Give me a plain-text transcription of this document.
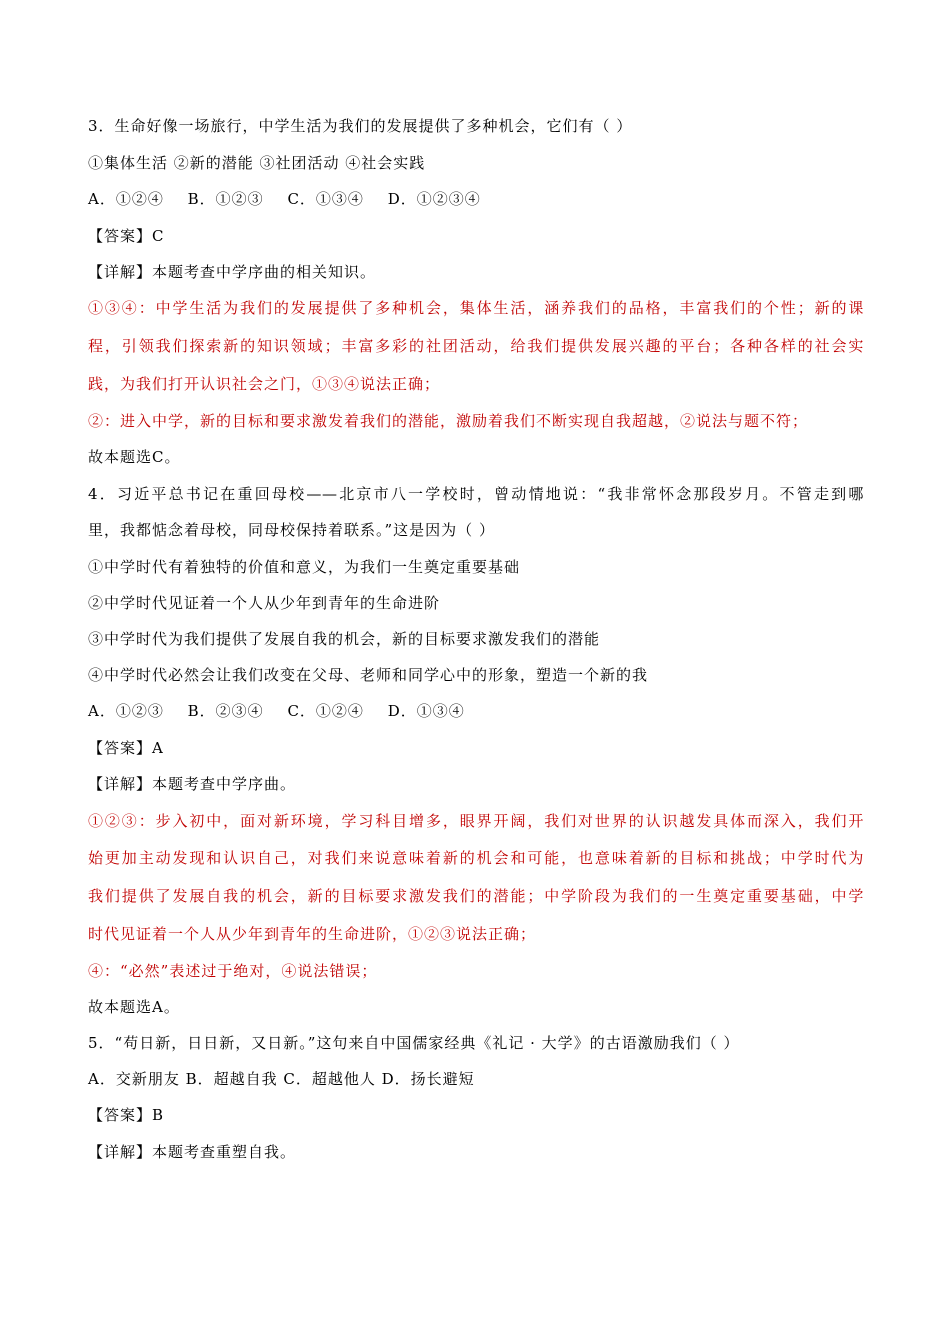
3．生命好像一场旅行，中学生活为我们的发展提供了多种机会，它们有（ ）
①集体生活 ②新的潜能 ③社团活动 ④社会实践
A．①②④ B．①②③ C．①③④ D．①②③④
【答案】C
【详解】本题考查中学序曲的相关知识。
①③④：中学生活为我们的发展提供了多种机会，集体生活，涵养我们的品格，丰富我们的个性；新的课
程，引领我们探索新的知识领域；丰富多彩的社团活动，给我们提供发展兴趣的平台；各种各样的社会实
践，为我们打开认识社会之门，①③④说法正确；
②：进入中学，新的目标和要求激发着我们的潜能，激励着我们不断实现自我超越，②说法与题不符；
故本题选C。
4．习近平总书记在重回母校——北京市八一学校时，曾动情地说：“我非常怀念那段岁月。不管走到哪
里，我都惦念着母校，同母校保持着联系。”这是因为（ ）
①中学时代有着独特的价值和意义，为我们一生奠定重要基础
②中学时代见证着一个人从少年到青年的生命进阶
③中学时代为我们提供了发展自我的机会，新的目标要求激发我们的潜能
④中学时代必然会让我们改变在父母、老师和同学心中的形象，塑造一个新的我
A．①②③ B．②③④ C．①②④ D．①③④
【答案】A
【详解】本题考查中学序曲。
①②③：步入初中，面对新环境，学习科目增多，眼界开阔，我们对世界的认识越发具体而深入，我们开
始更加主动发现和认识自己，对我们来说意味着新的机会和可能，也意味着新的目标和挑战；中学时代为
我们提供了发展自我的机会，新的目标要求激发我们的潜能；中学阶段为我们的一生奠定重要基础，中学
时代见证着一个人从少年到青年的生命进阶，①②③说法正确；
④：“必然”表述过于绝对，④说法错误；
故本题选A。
5．“苟日新，日日新，又日新。”这句来自中国儒家经典《礼记 · 大学》的古语激励我们（ ）
A．交新朋友 B．超越自我 C．超越他人 D．扬长避短
【答案】B
【详解】本题考查重塑自我。
